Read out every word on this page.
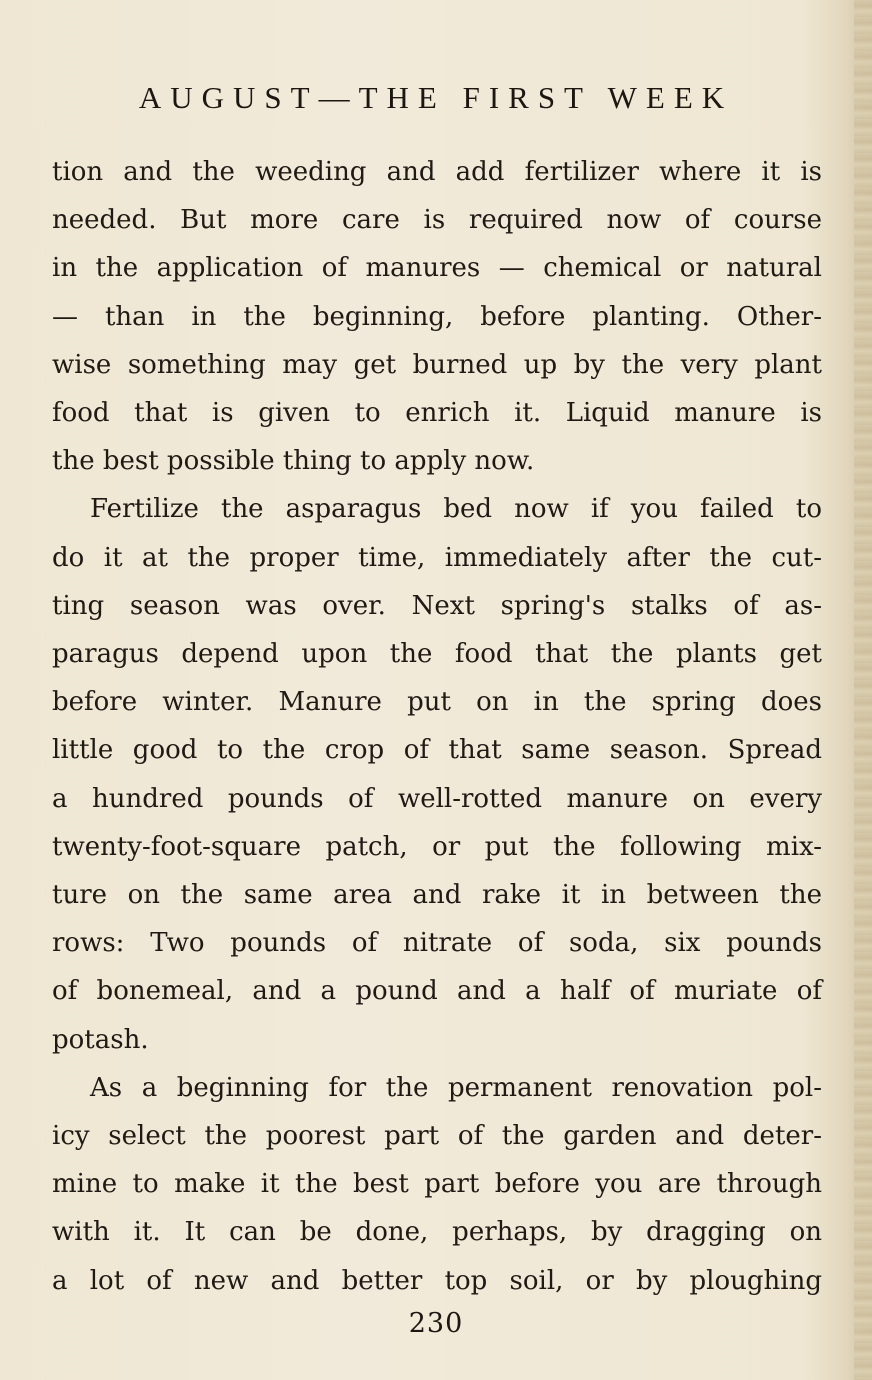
AUGUST—THE FIRST WEEK

tion and the weeding and add fertilizer where it is
needed. But more care is required now of course
in the application of manures — chemical or natural
— than in the beginning, before planting. Other-
wise something may get burned up by the very plant
food that is given to enrich it. Liquid manure is
the best possible thing to apply now.

Fertilize the asparagus bed now if you failed to
do it at the proper time, immediately after the cut-
ting season was over. Next spring's stalks of as-
paragus depend upon the food that the plants get
before winter. Manure put on in the spring does
little good to the crop of that same season. Spread
a hundred pounds of well-rotted manure on every
twenty-foot-square patch, or put the following mix-
ture on the same area and rake it in between the
rows: Two pounds of nitrate of soda, six pounds
of bonemeal, and a pound and a half of muriate of
potash.

As a beginning for the permanent renovation pol-
icy select the poorest part of the garden and deter-
mine to make it the best part before you are through
with it. It can be done, perhaps, by dragging on
a lot of new and better top soil, or by ploughing

230
